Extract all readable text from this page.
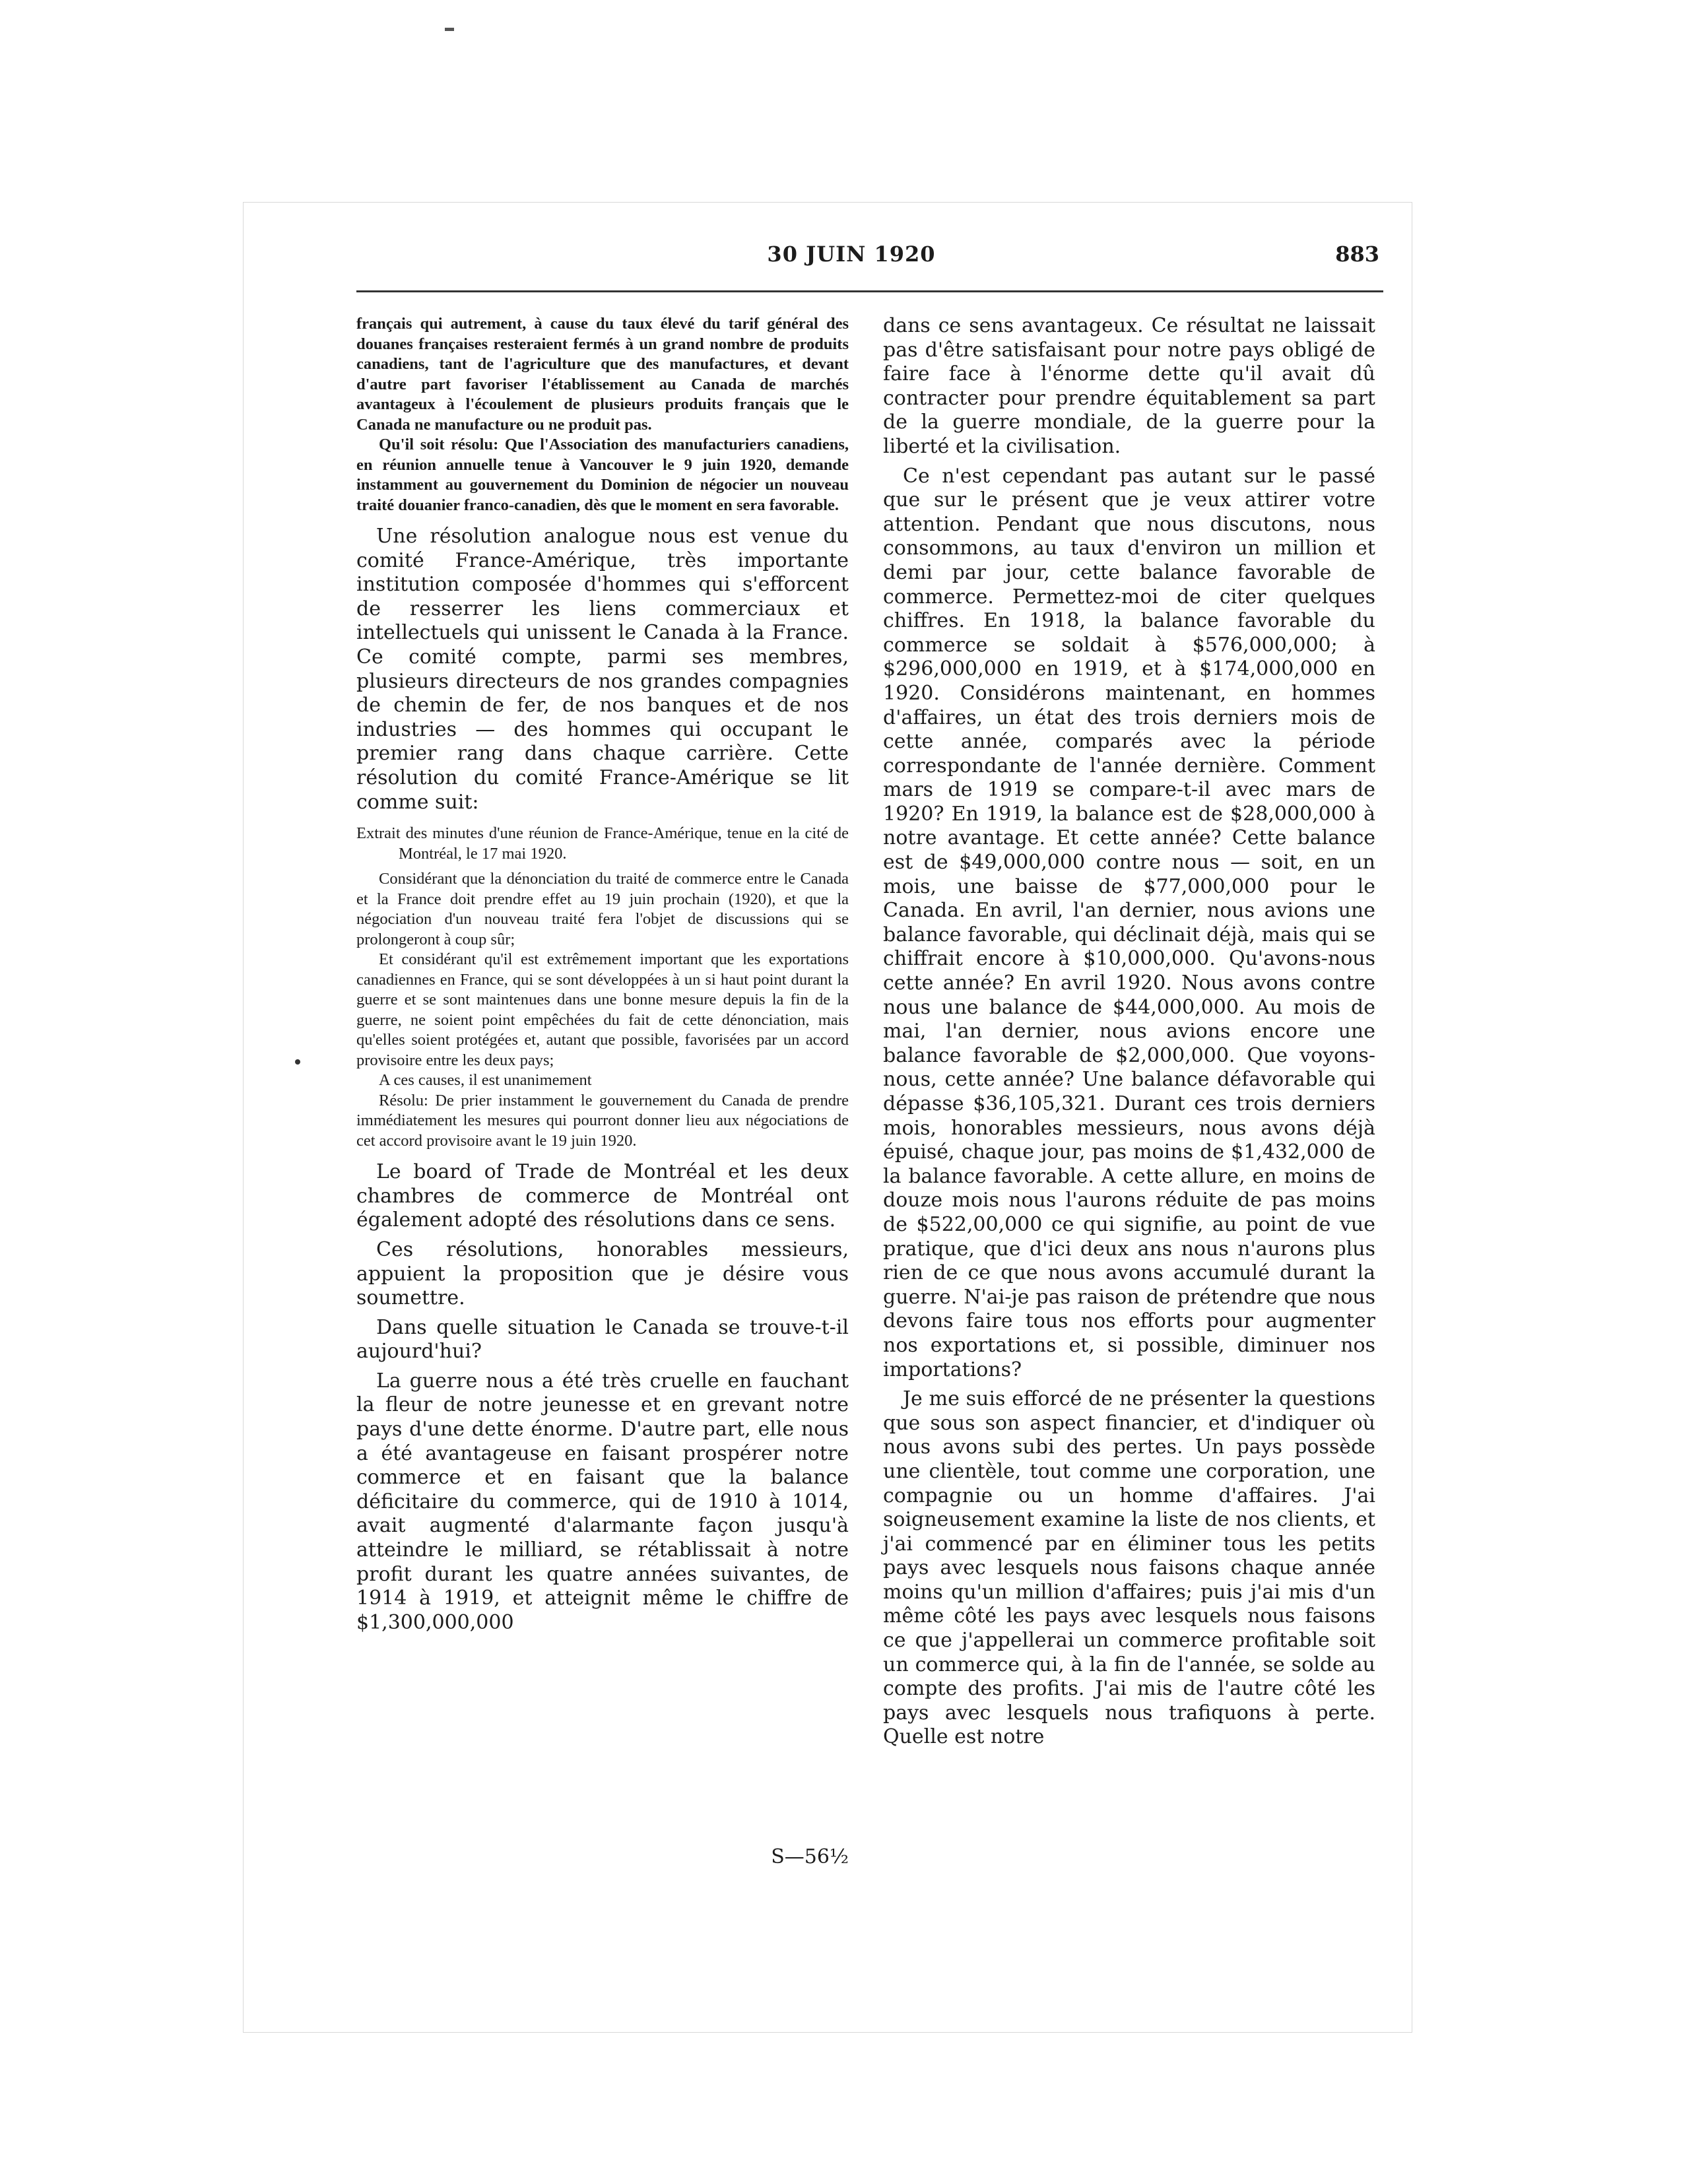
30 JUIN 1920	883

français qui autrement, à cause du taux élevé du tarif général des douanes françaises resteraient fermés à un grand nombre de produits canadiens, tant de l'agriculture que des manufactures, et devant d'autre part favoriser l'établissement au Canada de marchés avantageux à l'écoulement de plusieurs produits français que le Canada ne manufacture ou ne produit pas.

Qu'il soit résolu: Que l'Association des manufacturiers canadiens, en réunion annuelle tenue à Vancouver le 9 juin 1920, demande instamment au gouvernement du Dominion de négocier un nouveau traité douanier franco-canadien, dès que le moment en sera favorable.

Une résolution analogue nous est venue du comité France-Amérique, très importante institution composée d'hommes qui s'efforcent de resserrer les liens commerciaux et intellectuels qui unissent le Canada à la France. Ce comité compte, parmi ses membres, plusieurs directeurs de nos grandes compagnies de chemin de fer, de nos banques et de nos industries — des hommes qui occupant le premier rang dans chaque carrière. Cette résolution du comité France-Amérique se lit comme suit:

Extrait des minutes d'une réunion de France-Amérique, tenue en la cité de Montréal, le 17 mai 1920.

Considérant que la dénonciation du traité de commerce entre le Canada et la France doit prendre effet au 19 juin prochain (1920), et que la négociation d'un nouveau traité fera l'objet de discussions qui se prolongeront à coup sûr;

Et considérant qu'il est extrêmement important que les exportations canadiennes en France, qui se sont développées à un si haut point durant la guerre et se sont maintenues dans une bonne mesure depuis la fin de la guerre, ne soient point empêchées du fait de cette dénonciation, mais qu'elles soient protégées et, autant que possible, favorisées par un accord provisoire entre les deux pays;

A ces causes, il est unanimement

Résolu: De prier instamment le gouvernement du Canada de prendre immédiatement les mesures qui pourront donner lieu aux négociations de cet accord provisoire avant le 19 juin 1920.

Le board of Trade de Montréal et les deux chambres de commerce de Montréal ont également adopté des résolutions dans ce sens.

Ces résolutions, honorables messieurs, appuient la proposition que je désire vous soumettre.

Dans quelle situation le Canada se trouve-t-il aujourd'hui?

La guerre nous a été très cruelle en fauchant la fleur de notre jeunesse et en grevant notre pays d'une dette énorme. D'autre part, elle nous a été avantageuse en faisant prospérer notre commerce et en faisant que la balance déficitaire du commerce, qui de 1910 à 1014, avait augmenté d'alarmante façon jusqu'à atteindre le milliard, se rétablissait à notre profit durant les quatre années suivantes, de 1914 à 1919, et atteignit même le chiffre de $1,300,000,000

S—56½

dans ce sens avantageux. Ce résultat ne laissait pas d'être satisfaisant pour notre pays obligé de faire face à l'énorme dette qu'il avait dû contracter pour prendre équitablement sa part de la guerre mondiale, de la guerre pour la liberté et la civilisation.

Ce n'est cependant pas autant sur le passé que sur le présent que je veux attirer votre attention. Pendant que nous discutons, nous consommons, au taux d'environ un million et demi par jour, cette balance favorable de commerce. Permettez-moi de citer quelques chiffres. En 1918, la balance favorable du commerce se soldait à $576,000,000; à $296,000,000 en 1919, et à $174,000,000 en 1920. Considérons maintenant, en hommes d'affaires, un état des trois derniers mois de cette année, comparés avec la période correspondante de l'année dernière. Comment mars de 1919 se compare-t-il avec mars de 1920? En 1919, la balance est de $28,000,000 à notre avantage. Et cette année? Cette balance est de $49,000,000 contre nous — soit, en un mois, une baisse de $77,000,000 pour le Canada. En avril, l'an dernier, nous avions une balance favorable, qui déclinait déjà, mais qui se chiffrait encore à $10,000,000. Qu'avons-nous cette année? En avril 1920. Nous avons contre nous une balance de $44,000,000. Au mois de mai, l'an dernier, nous avions encore une balance favorable de $2,000,000. Que voyons-nous, cette année? Une balance défavorable qui dépasse $36,105,321. Durant ces trois derniers mois, honorables messieurs, nous avons déjà épuisé, chaque jour, pas moins de $1,432,000 de la balance favorable. A cette allure, en moins de douze mois nous l'aurons réduite de pas moins de $522,00,000 ce qui signifie, au point de vue pratique, que d'ici deux ans nous n'aurons plus rien de ce que nous avons accumulé durant la guerre. N'ai-je pas raison de prétendre que nous devons faire tous nos efforts pour augmenter nos exportations et, si possible, diminuer nos importations?

Je me suis efforcé de ne présenter la questions que sous son aspect financier, et d'indiquer où nous avons subi des pertes. Un pays possède une clientèle, tout comme une corporation, une compagnie ou un homme d'affaires. J'ai soigneusement examine la liste de nos clients, et j'ai commencé par en éliminer tous les petits pays avec lesquels nous faisons chaque année moins qu'un million d'affaires; puis j'ai mis d'un même côté les pays avec lesquels nous faisons ce que j'appellerai un commerce profitable soit un commerce qui, à la fin de l'année, se solde au compte des profits. J'ai mis de l'autre côté les pays avec lesquels nous trafiquons à perte. Quelle est notre
